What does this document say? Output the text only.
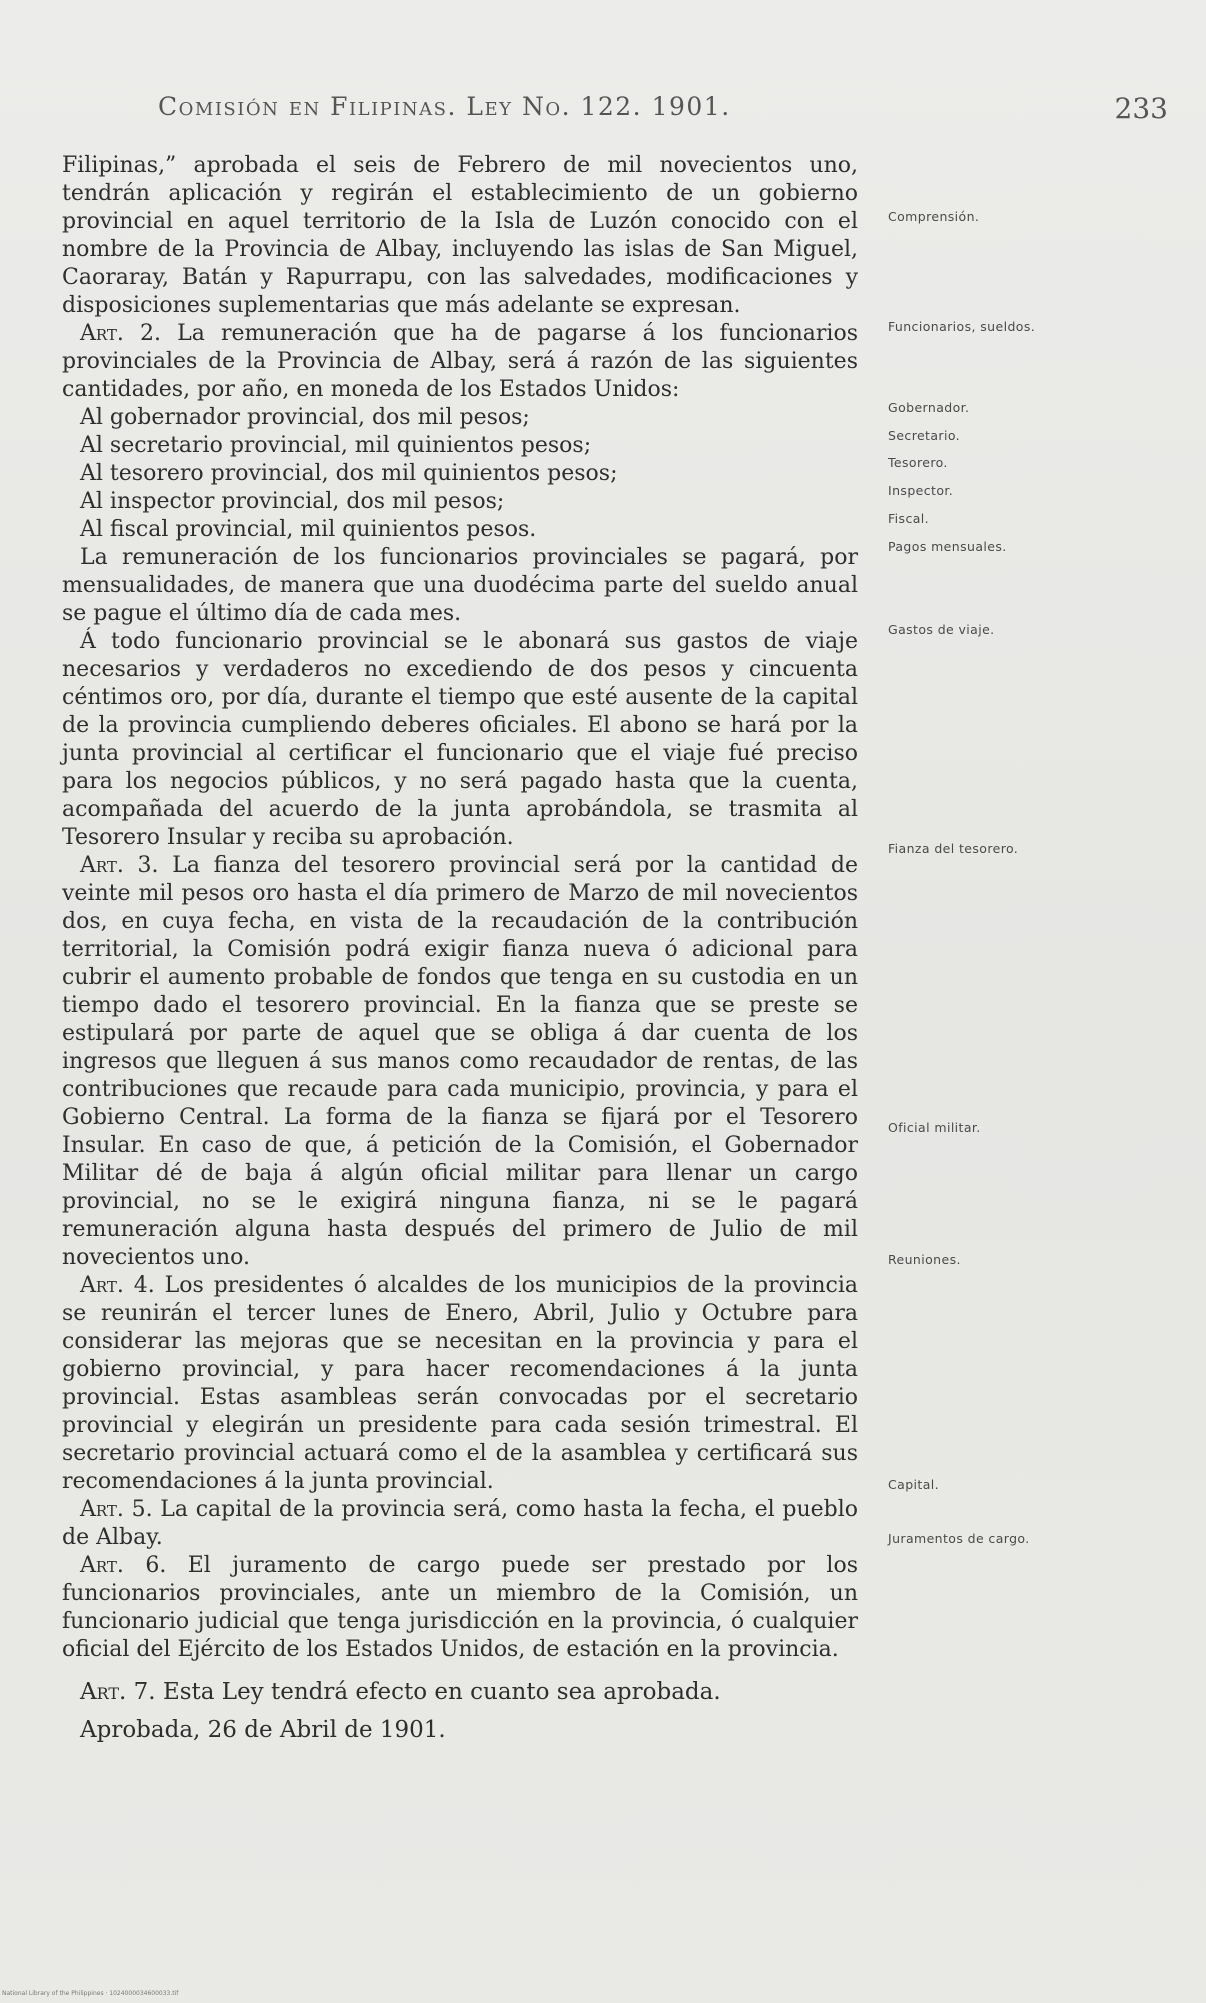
Comisión en Filipinas. Ley No. 122. 1901.	233

Filipinas,” aprobada el seis de Febrero de mil novecientos uno, tendrán aplicación y regirán el establecimiento de un gobierno provincial en aquel territorio de la Isla de Luzón conocido con el nombre de la Provincia de Albay, incluyendo las islas de San Miguel, Caoraray, Batán y Rapurrapu, con las salvedades, modificaciones y disposiciones suplementarias que más adelante se expresan.

Art. 2. La remuneración que ha de pagarse á los funcionarios provinciales de la Provincia de Albay, será á razón de las siguientes cantidades, por año, en moneda de los Estados Unidos:

Al gobernador provincial, dos mil pesos;

Al secretario provincial, mil quinientos pesos;

Al tesorero provincial, dos mil quinientos pesos;

Al inspector provincial, dos mil pesos;

Al fiscal provincial, mil quinientos pesos.

La remuneración de los funcionarios provinciales se pagará, por mensualidades, de manera que una duodécima parte del sueldo anual se pague el último día de cada mes.

Á todo funcionario provincial se le abonará sus gastos de viaje necesarios y verdaderos no excediendo de dos pesos y cincuenta céntimos oro, por día, durante el tiempo que esté ausente de la capital de la provincia cumpliendo deberes oficiales. El abono se hará por la junta provincial al certificar el funcionario que el viaje fué preciso para los negocios públicos, y no será pagado hasta que la cuenta, acompañada del acuerdo de la junta aprobándola, se trasmita al Tesorero Insular y reciba su aprobación.

Art. 3. La fianza del tesorero provincial será por la cantidad de veinte mil pesos oro hasta el día primero de Marzo de mil novecientos dos, en cuya fecha, en vista de la recaudación de la contribución territorial, la Comisión podrá exigir fianza nueva ó adicional para cubrir el aumento probable de fondos que tenga en su custodia en un tiempo dado el tesorero provincial. En la fianza que se preste se estipulará por parte de aquel que se obliga á dar cuenta de los ingresos que lleguen á sus manos como recaudador de rentas, de las contribuciones que recaude para cada municipio, provincia, y para el Gobierno Central. La forma de la fianza se fijará por el Tesorero Insular. En caso de que, á petición de la Comisión, el Gobernador Militar dé de baja á algún oficial militar para llenar un cargo provincial, no se le exigirá ninguna fianza, ni se le pagará remuneración alguna hasta después del primero de Julio de mil novecientos uno.

Art. 4. Los presidentes ó alcaldes de los municipios de la provincia se reunirán el tercer lunes de Enero, Abril, Julio y Octubre para considerar las mejoras que se necesitan en la provincia y para el gobierno provincial, y para hacer recomendaciones á la junta provincial. Estas asambleas serán convocadas por el secretario provincial y elegirán un presidente para cada sesión trimestral. El secretario provincial actuará como el de la asamblea y certificará sus recomendaciones á la junta provincial.

Art. 5. La capital de la provincia será, como hasta la fecha, el pueblo de Albay.

Art. 6. El juramento de cargo puede ser prestado por los funcionarios provinciales, ante un miembro de la Comisión, un funcionario judicial que tenga jurisdicción en la provincia, ó cualquier oficial del Ejército de los Estados Unidos, de estación en la provincia.

Art. 7. Esta Ley tendrá efecto en cuanto sea aprobada.

Aprobada, 26 de Abril de 1901.

Comprensión.
Funcionarios, sueldos.
Gobernador.
Secretario.
Tesorero.
Inspector.
Fiscal.
Pagos mensuales.
Gastos de viaje.
Fianza del tesorero.
Oficial militar.
Reuniones.
Capital.
Juramentos de cargo.
National Library of the Philippines · 1024000034600033.tif
